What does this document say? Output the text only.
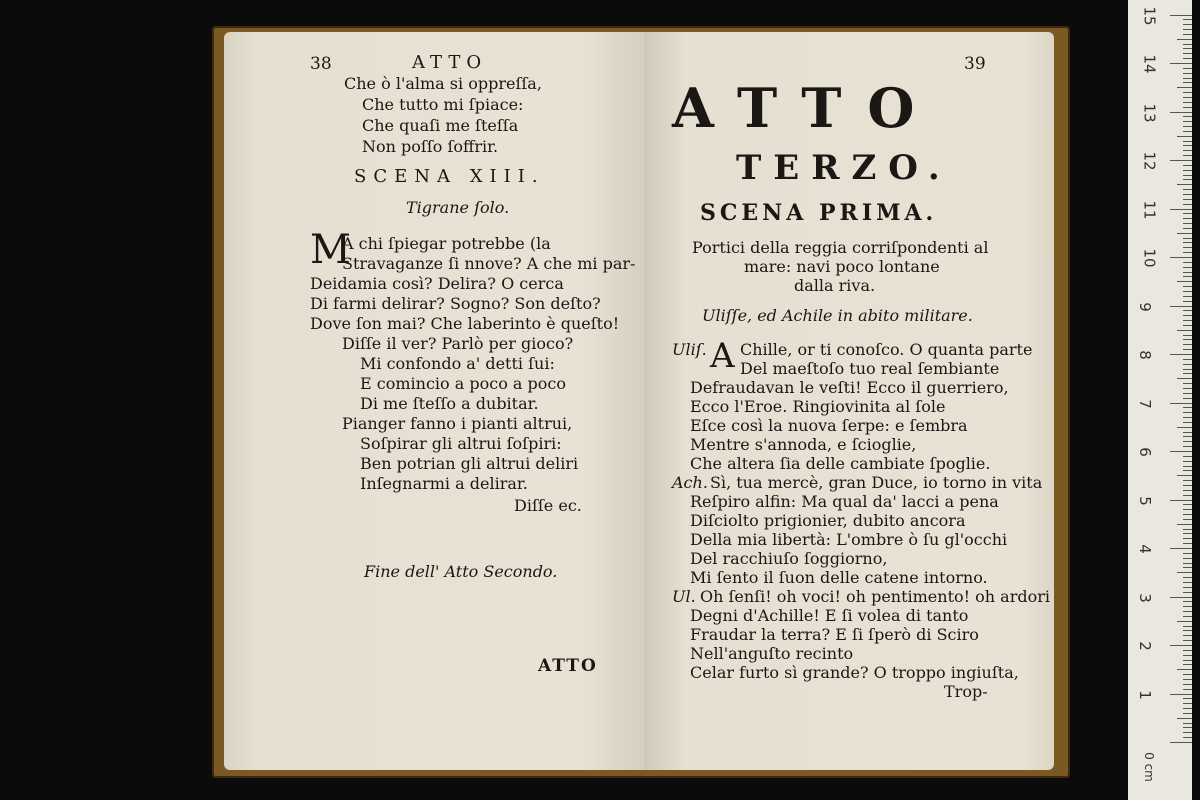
38	ATTO
Che ò l'alma si oppreſſa,
Che tutto mi ſpiace:
Che quaſi me ſteſſa
Non poſſo ſoffrir.
SCENA XIII.
Tigrane ſolo.
M
A chi ſpiegar potrebbe (la
Stravaganze ſi nnove? A che mi par-
Deidamia così? Delira? O cerca
Di farmi delirar? Sogno? Son deſto?
Dove ſon mai? Che laberinto è queſto!
Diſſe il ver? Parlò per gioco?
Mi confondo a' detti ſui:
E comincio a poco a poco
Di me ſteſſo a dubitar.
Pianger fanno i pianti altrui,
Soſpirar gli altrui ſoſpiri:
Ben potrian gli altrui deliri
Inſegnarmi a delirar.
Diſſe ec.
Fine dell' Atto Secondo.
ATTO
39
ATTO
TERZO.
SCENA PRIMA.
Portici della reggia corriſpondenti al
mare: navi poco lontane
dalla riva.
Uliſſe, ed Achile in abito militare.
Uliſ. A Chille, or ti conoſco. O quanta parte
Del maeſtoſo tuo real ſembiante
Defraudavan le veſti! Ecco il guerriero,
Ecco l'Eroe. Ringiovinita al ſole
Eſce così la nuova ſerpe: e ſembra
Mentre s'annoda, e ſcioglie,
Che altera ſia delle cambiate ſpoglie.
Ach. Sì, tua mercè, gran Duce, io torno in vita
Reſpiro alfin: Ma qual da' lacci a pena
Diſciolto prigionier, dubito ancora
Della mia libertà: L'ombre ò ſu gl'occhi
Del racchiuſo ſoggiorno,
Mi ſento il ſuon delle catene intorno.
Ul. Oh ſenſi! oh voci! oh pentimento! oh ardori
Degni d'Achille! E ſi volea di tanto
Fraudar la terra? E ſi ſperò di Sciro
Nell'anguſto recinto
Celar furto sì grande? O troppo ingiuſta,
Trop-	1
2
3
4
5
6
7
8
9
10
11
12
13
14
15
0 cm
